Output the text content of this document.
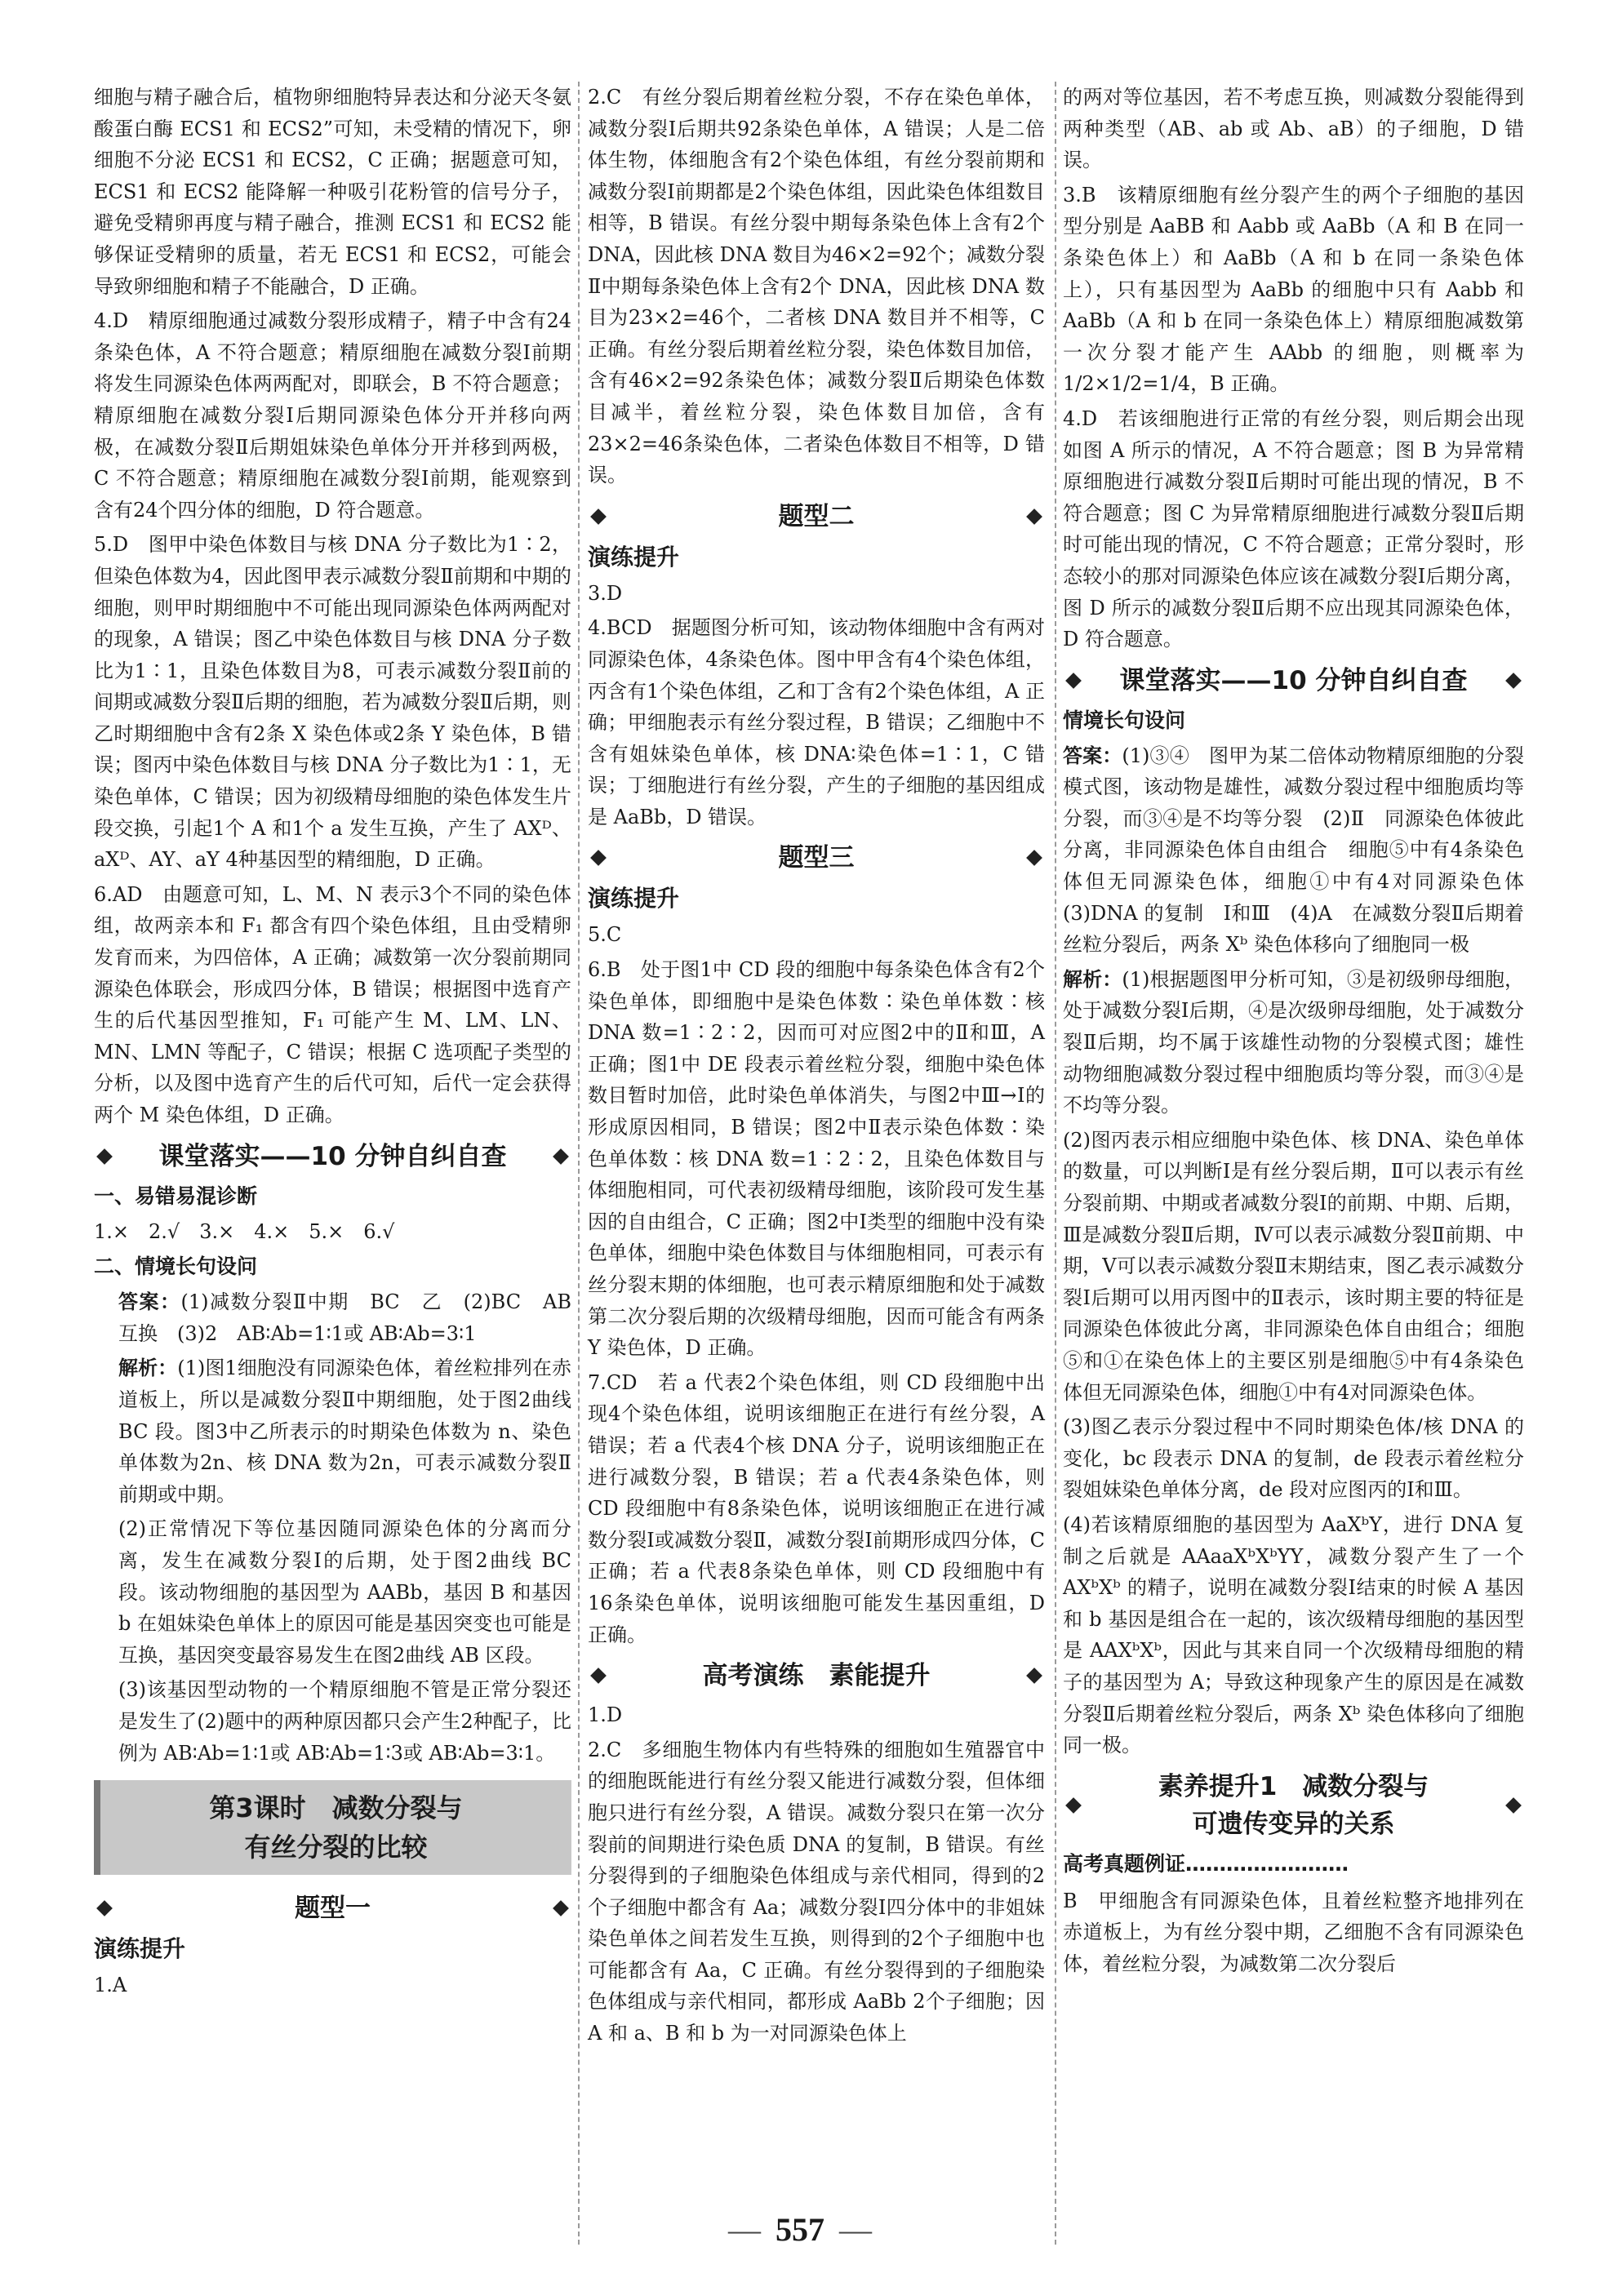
细胞与精子融合后，植物卵细胞特异表达和分泌天冬氨酸蛋白酶 ECS1 和 ECS2”可知，未受精的情况下，卵细胞不分泌 ECS1 和 ECS2，C 正确；据题意可知，ECS1 和 ECS2 能降解一种吸引花粉管的信号分子，避免受精卵再度与精子融合，推测 ECS1 和 ECS2 能够保证受精卵的质量，若无 ECS1 和 ECS2，可能会导致卵细胞和精子不能融合，D 正确。

4.D　精原细胞通过减数分裂形成精子，精子中含有24条染色体，A 不符合题意；精原细胞在减数分裂Ⅰ前期将发生同源染色体两两配对，即联会，B 不符合题意；精原细胞在减数分裂Ⅰ后期同源染色体分开并移向两极，在减数分裂Ⅱ后期姐妹染色单体分开并移到两极，C 不符合题意；精原细胞在减数分裂Ⅰ前期，能观察到含有24个四分体的细胞，D 符合题意。

5.D　图甲中染色体数目与核 DNA 分子数比为1∶2，但染色体数为4，因此图甲表示减数分裂Ⅱ前期和中期的细胞，则甲时期细胞中不可能出现同源染色体两两配对的现象，A 错误；图乙中染色体数目与核 DNA 分子数比为1∶1，且染色体数目为8，可表示减数分裂Ⅱ前的间期或减数分裂Ⅱ后期的细胞，若为减数分裂Ⅱ后期，则乙时期细胞中含有2条 X 染色体或2条 Y 染色体，B 错误；图丙中染色体数目与核 DNA 分子数比为1∶1，无染色单体，C 错误；因为初级精母细胞的染色体发生片段交换，引起1个 A 和1个 a 发生互换，产生了 AXᴰ、aXᴰ、AY、aY 4种基因型的精细胞，D 正确。

6.AD　由题意可知，L、M、N 表示3个不同的染色体组，故两亲本和 F₁ 都含有四个染色体组，且由受精卵发育而来，为四倍体，A 正确；减数第一次分裂前期同源染色体联会，形成四分体，B 错误；根据图中选育产生的后代基因型推知，F₁ 可能产生 M、LM、LN、MN、LMN 等配子，C 错误；根据 C 选项配子类型的分析，以及图中选育产生的后代可知，后代一定会获得两个 M 染色体组，D 正确。

课堂落实——10 分钟自纠自查
一、易错易混诊断

1.×　2.√　3.×　4.×　5.×　6.√

二、情境长句设问

答案：(1)减数分裂Ⅱ中期　BC　乙　(2)BC　AB　互换　(3)2　AB∶Ab=1∶1或 AB∶Ab=3∶1

解析：(1)图1细胞没有同源染色体，着丝粒排列在赤道板上，所以是减数分裂Ⅱ中期细胞，处于图2曲线 BC 段。图3中乙所表示的时期染色体数为 n、染色单体数为2n、核 DNA 数为2n，可表示减数分裂Ⅱ前期或中期。

(2)正常情况下等位基因随同源染色体的分离而分离，发生在减数分裂Ⅰ的后期，处于图2曲线 BC 段。该动物细胞的基因型为 AABb，基因 B 和基因 b 在姐妹染色单体上的原因可能是基因突变也可能是互换，基因突变最容易发生在图2曲线 AB 区段。

(3)该基因型动物的一个精原细胞不管是正常分裂还是发生了(2)题中的两种原因都只会产生2种配子，比例为 AB∶Ab=1∶1或 AB∶Ab=1∶3或 AB∶Ab=3∶1。

第3课时　减数分裂与
有丝分裂的比较
题型一
演练提升

1.A

2.C　有丝分裂后期着丝粒分裂，不存在染色单体，减数分裂Ⅰ后期共92条染色单体，A 错误；人是二倍体生物，体细胞含有2个染色体组，有丝分裂前期和减数分裂Ⅰ前期都是2个染色体组，因此染色体组数目相等，B 错误。有丝分裂中期每条染色体上含有2个 DNA，因此核 DNA 数目为46×2=92个；减数分裂Ⅱ中期每条染色体上含有2个 DNA，因此核 DNA 数目为23×2=46个，二者核 DNA 数目并不相等，C 正确。有丝分裂后期着丝粒分裂，染色体数目加倍，含有46×2=92条染色体；减数分裂Ⅱ后期染色体数目减半，着丝粒分裂，染色体数目加倍，含有23×2=46条染色体，二者染色体数目不相等，D 错误。

题型二
演练提升

3.D

4.BCD　据题图分析可知，该动物体细胞中含有两对同源染色体，4条染色体。图中甲含有4个染色体组，丙含有1个染色体组，乙和丁含有2个染色体组，A 正确；甲细胞表示有丝分裂过程，B 错误；乙细胞中不含有姐妹染色单体，核 DNA∶染色体=1∶1，C 错误；丁细胞进行有丝分裂，产生的子细胞的基因组成是 AaBb，D 错误。

题型三
演练提升

5.C

6.B　处于图1中 CD 段的细胞中每条染色体含有2个染色单体，即细胞中是染色体数∶染色单体数∶核 DNA 数=1∶2∶2，因而可对应图2中的Ⅱ和Ⅲ，A 正确；图1中 DE 段表示着丝粒分裂，细胞中染色体数目暂时加倍，此时染色单体消失，与图2中Ⅲ→Ⅰ的形成原因相同，B 错误；图2中Ⅱ表示染色体数∶染色单体数∶核 DNA 数=1∶2∶2，且染色体数目与体细胞相同，可代表初级精母细胞，该阶段可发生基因的自由组合，C 正确；图2中Ⅰ类型的细胞中没有染色单体，细胞中染色体数目与体细胞相同，可表示有丝分裂末期的体细胞，也可表示精原细胞和处于减数第二次分裂后期的次级精母细胞，因而可能含有两条 Y 染色体，D 正确。

7.CD　若 a 代表2个染色体组，则 CD 段细胞中出现4个染色体组，说明该细胞正在进行有丝分裂，A 错误；若 a 代表4个核 DNA 分子，说明该细胞正在进行减数分裂，B 错误；若 a 代表4条染色体，则 CD 段细胞中有8条染色体，说明该细胞正在进行减数分裂Ⅰ或减数分裂Ⅱ，减数分裂Ⅰ前期形成四分体，C 正确；若 a 代表8条染色单体，则 CD 段细胞中有16条染色单体，说明该细胞可能发生基因重组，D 正确。

高考演练　素能提升

1.D

2.C　多细胞生物体内有些特殊的细胞如生殖器官中的细胞既能进行有丝分裂又能进行减数分裂，但体细胞只进行有丝分裂，A 错误。减数分裂只在第一次分裂前的间期进行染色质 DNA 的复制，B 错误。有丝分裂得到的子细胞染色体组成与亲代相同，得到的2个子细胞中都含有 Aa；减数分裂Ⅰ四分体中的非姐妹染色单体之间若发生互换，则得到的2个子细胞中也可能都含有 Aa，C 正确。有丝分裂得到的子细胞染色体组成与亲代相同，都形成 AaBb 2个子细胞；因 A 和 a、B 和 b 为一对同源染色体上

的两对等位基因，若不考虑互换，则减数分裂能得到两种类型（AB、ab 或 Ab、aB）的子细胞，D 错误。

3.B　该精原细胞有丝分裂产生的两个子细胞的基因型分别是 AaBB 和 Aabb 或 AaBb（A 和 B 在同一条染色体上）和 AaBb（A 和 b 在同一条染色体上），只有基因型为 AaBb 的细胞中只有 Aabb 和 AaBb（A 和 b 在同一条染色体上）精原细胞减数第一次分裂才能产生 AAbb 的细胞，则概率为1/2×1/2=1/4，B 正确。

4.D　若该细胞进行正常的有丝分裂，则后期会出现如图 A 所示的情况，A 不符合题意；图 B 为异常精原细胞进行减数分裂Ⅱ后期时可能出现的情况，B 不符合题意；图 C 为异常精原细胞进行减数分裂Ⅱ后期时可能出现的情况，C 不符合题意；正常分裂时，形态较小的那对同源染色体应该在减数分裂Ⅰ后期分离，图 D 所示的减数分裂Ⅱ后期不应出现其同源染色体，D 符合题意。

课堂落实——10 分钟自纠自查
情境长句设问

答案：(1)③④　图甲为某二倍体动物精原细胞的分裂模式图，该动物是雄性，减数分裂过程中细胞质均等分裂，而③④是不均等分裂　(2)Ⅱ　同源染色体彼此分离，非同源染色体自由组合　细胞⑤中有4条染色体但无同源染色体，细胞①中有4对同源染色体　(3)DNA 的复制　Ⅰ和Ⅲ　(4)A　在减数分裂Ⅱ后期着丝粒分裂后，两条 Xᵇ 染色体移向了细胞同一极

解析：(1)根据题图甲分析可知，③是初级卵母细胞，处于减数分裂Ⅰ后期，④是次级卵母细胞，处于减数分裂Ⅱ后期，均不属于该雄性动物的分裂模式图；雄性动物细胞减数分裂过程中细胞质均等分裂，而③④是不均等分裂。

(2)图丙表示相应细胞中染色体、核 DNA、染色单体的数量，可以判断Ⅰ是有丝分裂后期，Ⅱ可以表示有丝分裂前期、中期或者减数分裂Ⅰ的前期、中期、后期，Ⅲ是减数分裂Ⅱ后期，Ⅳ可以表示减数分裂Ⅱ前期、中期，Ⅴ可以表示减数分裂Ⅱ末期结束，图乙表示减数分裂Ⅰ后期可以用丙图中的Ⅱ表示，该时期主要的特征是同源染色体彼此分离，非同源染色体自由组合；细胞⑤和①在染色体上的主要区别是细胞⑤中有4条染色体但无同源染色体，细胞①中有4对同源染色体。

(3)图乙表示分裂过程中不同时期染色体/核 DNA 的变化，bc 段表示 DNA 的复制，de 段表示着丝粒分裂姐妹染色单体分离，de 段对应图丙的Ⅰ和Ⅲ。

(4)若该精原细胞的基因型为 AaXᵇY，进行 DNA 复制之后就是 AAaaXᵇXᵇYY，减数分裂产生了一个 AXᵇXᵇ 的精子，说明在减数分裂Ⅰ结束的时候 A 基因和 b 基因是组合在一起的，该次级精母细胞的基因型是 AAXᵇXᵇ，因此与其来自同一个次级精母细胞的精子的基因型为 A；导致这种现象产生的原因是在减数分裂Ⅱ后期着丝粒分裂后，两条 Xᵇ 染色体移向了细胞同一极。

素养提升1　减数分裂与
可遗传变异的关系
高考真题例证……………………

B　甲细胞含有同源染色体，且着丝粒整齐地排列在赤道板上，为有丝分裂中期，乙细胞不含有同源染色体，着丝粒分裂，为减数第二次分裂后

— 557 —
